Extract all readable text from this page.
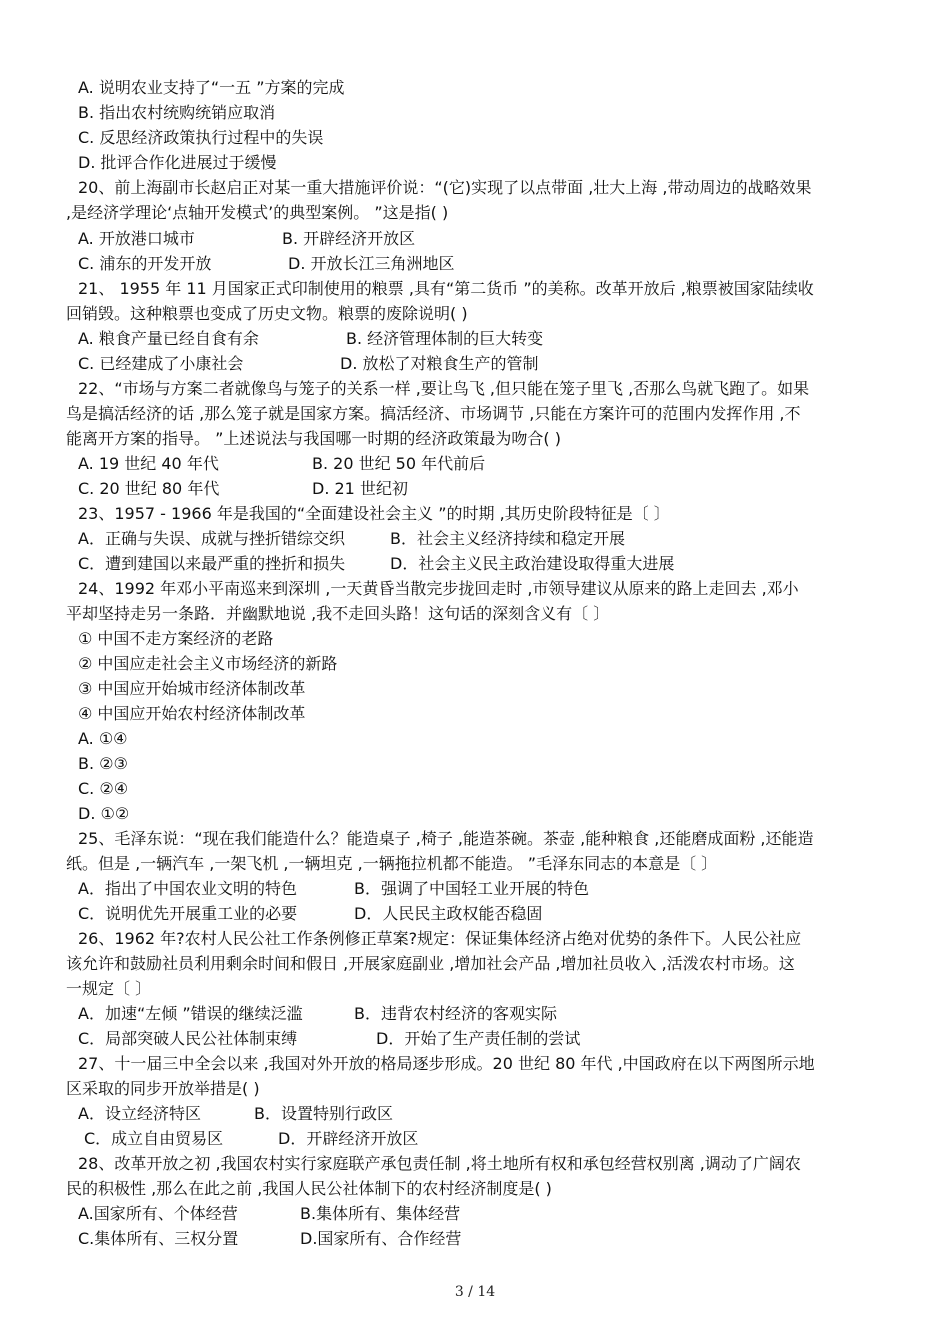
A. 说明农业支持了“一五 ”方案的完成
B. 指出农村统购统销应取消
C. 反思经济政策执行过程中的失误
D. 批评合作化进展过于缓慢
20、前上海副市长赵启正对某一重大措施评价说：“(它)实现了以点带面 ,壮大上海 ,带动周边的战略效果
,是经济学理论‘点轴开发模式’的典型案例。 ”这是指( )
A. 开放港口城市	B. 开辟经济开放区
C. 浦东的开发开放	D. 开放长江三角洲地区
21、 1955 年 11 月国家正式印制使用的粮票 ,具有“第二货币 ”的美称。改革开放后 ,粮票被国家陆续收
回销毁。这种粮票也变成了历史文物。粮票的废除说明( )
A. 粮食产量已经自食有余	B. 经济管理体制的巨大转变
C. 已经建成了小康社会	D. 放松了对粮食生产的管制
22、“市场与方案二者就像鸟与笼子的关系一样 ,要让鸟飞 ,但只能在笼子里飞 ,否那么鸟就飞跑了。如果
鸟是搞活经济的话 ,那么笼子就是国家方案。搞活经济、市场调节 ,只能在方案许可的范围内发挥作用 ,不
能离开方案的指导。 ”上述说法与我国哪一时期的经济政策最为吻合( )
A. 19 世纪 40 年代	B. 20 世纪 50 年代前后
C. 20 世纪 80 年代	D. 21 世纪初
23、1957 - 1966 年是我国的“全面建设社会主义 ”的时期 ,其历史阶段特征是〔 〕
A．正确与失误、成就与挫折错综交织	B．社会主义经济持续和稳定开展
C．遭到建国以来最严重的挫折和损失	D．社会主义民主政治建设取得重大进展
24、1992 年邓小平南巡来到深圳 ,一天黄昏当散完步拢回走时 ,市领导建议从原来的路上走回去 ,邓小
平却坚持走另一条路．并幽默地说 ,我不走回头路！这句话的深刻含义有〔 〕
① 中国不走方案经济的老路
② 中国应走社会主义市场经济的新路
③ 中国应开始城市经济体制改革
④ 中国应开始农村经济体制改革
A. ①④
B. ②③
C. ②④
D. ①②
25、毛泽东说：“现在我们能造什么？能造桌子 ,椅子 ,能造茶碗。茶壶 ,能种粮食 ,还能磨成面粉 ,还能造
纸。但是 ,一辆汽车 ,一架飞机 ,一辆坦克 ,一辆拖拉机都不能造。 ”毛泽东同志的本意是〔 〕
A．指出了中国农业文明的特色	B．强调了中国轻工业开展的特色
C．说明优先开展重工业的必要	D．人民民主政权能否稳固
26、1962 年?农村人民公社工作条例修正草案?规定：保证集体经济占绝对优势的条件下。人民公社应
该允许和鼓励社员利用剩余时间和假日 ,开展家庭副业 ,增加社会产品 ,增加社员收入 ,活泼农村市场。这
一规定〔 〕
A．加速“左倾 ”错误的继续泛滥	B．违背农村经济的客观实际
C．局部突破人民公社体制束缚	D．开始了生产责任制的尝试
27、十一届三中全会以来 ,我国对外开放的格局逐步形成。20 世纪 80 年代 ,中国政府在以下两图所示地
区采取的同步开放举措是( )
A．设立经济特区	B．设置特别行政区
C．成立自由贸易区	D．开辟经济开放区
28、改革开放之初 ,我国农村实行家庭联产承包责任制 ,将土地所有权和承包经营权别离 ,调动了广阔农
民的积极性 ,那么在此之前 ,我国人民公社体制下的农村经济制度是( )
A.国家所有、个体经营	B.集体所有、集体经营
C.集体所有、三权分置	D.国家所有、合作经营
3 / 14
